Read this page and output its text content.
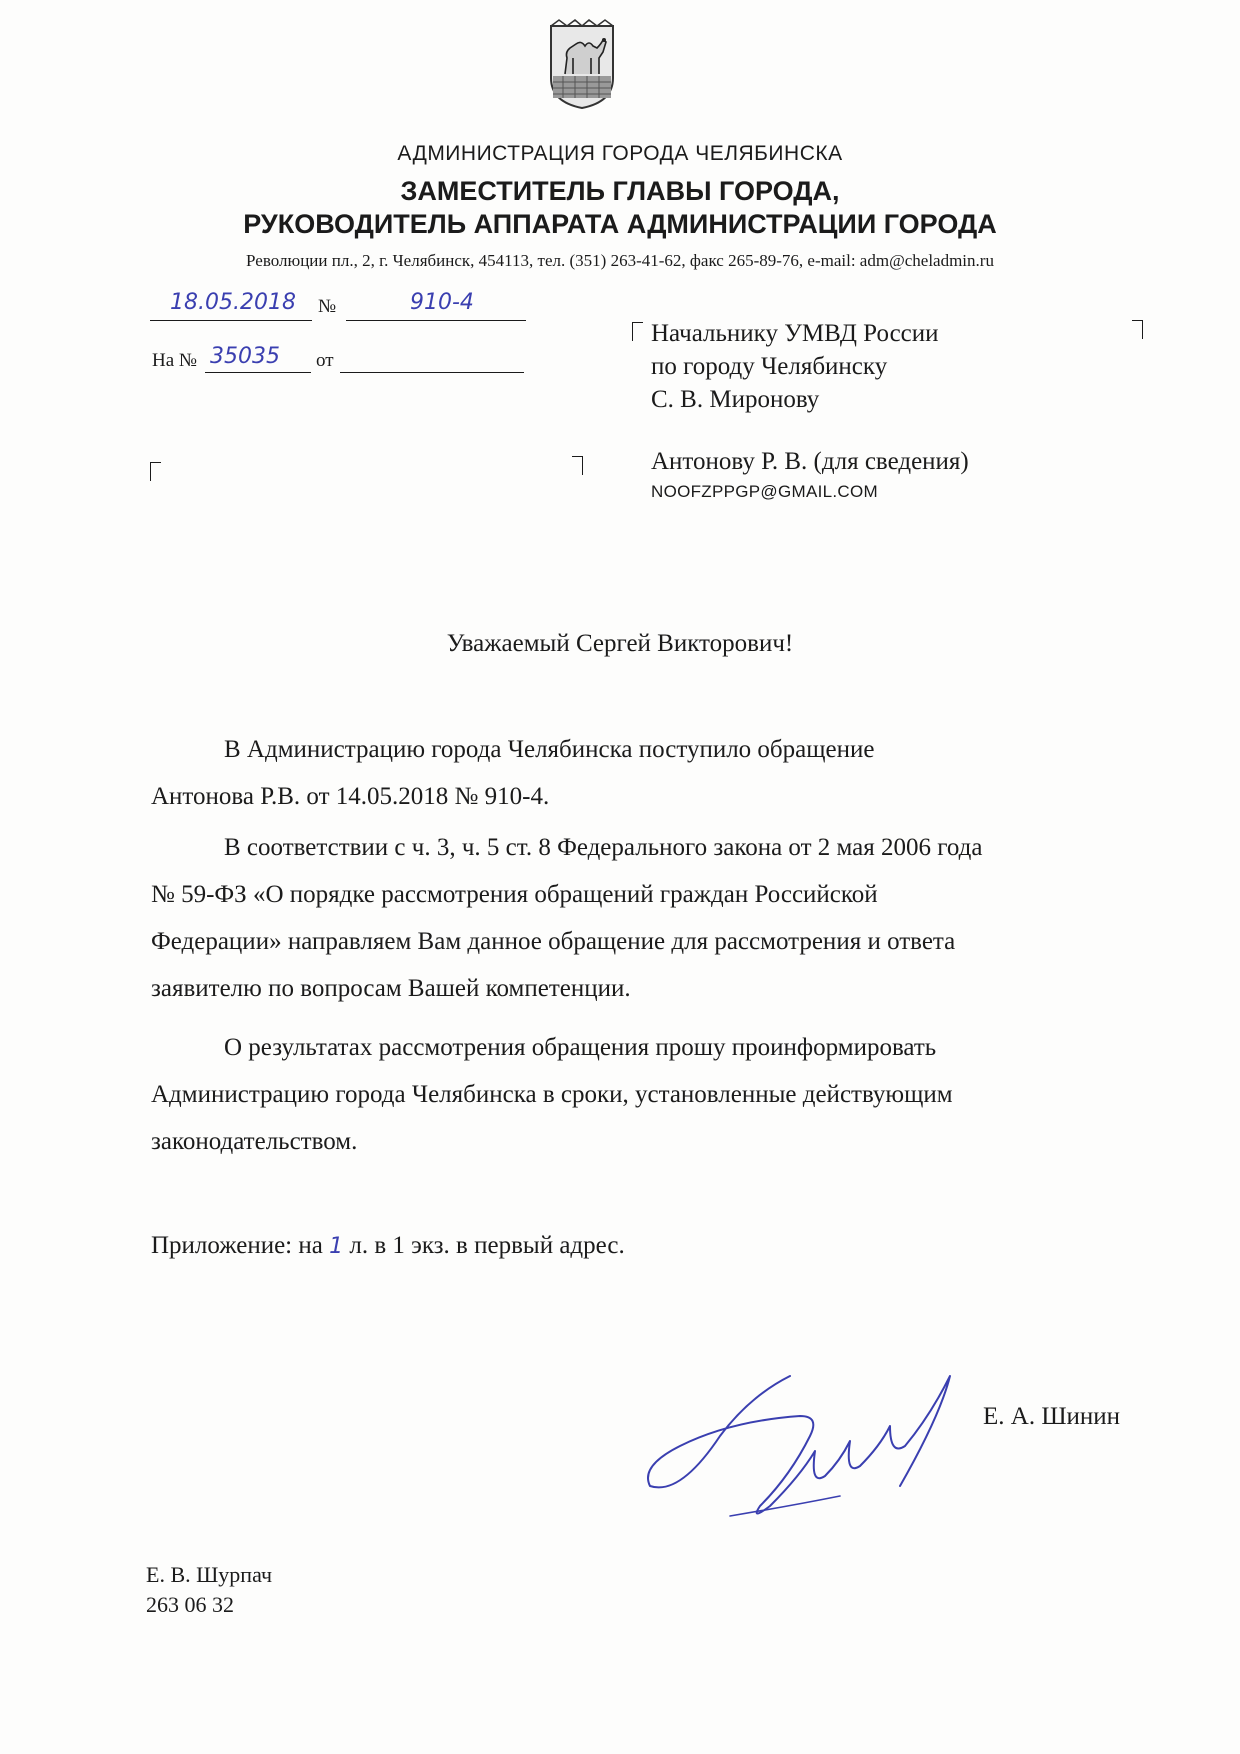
АДМИНИСТРАЦИЯ ГОРОДА ЧЕЛЯБИНСКА
ЗАМЕСТИТЕЛЬ ГЛАВЫ ГОРОДА,
РУКОВОДИТЕЛЬ АППАРАТА АДМИНИСТРАЦИИ ГОРОДА
Революции пл., 2, г. Челябинск, 454113, тел. (351) 263-41-62, факс 265-89-76, e-mail: adm@cheladmin.ru
18.05.2018 №	910-4
На № 35035 от
Начальнику УМВД России
по городу Челябинску
С. В. Миронову
Антонову Р. В. (для сведения)
NOOFZPPGP@GMAIL.COM
Уважаемый Сергей Викторович!
В Администрацию города Челябинска поступило обращение
Антонова Р.В. от 14.05.2018 № 910-4.
В соответствии с ч. 3, ч. 5 ст. 8 Федерального закона от 2 мая 2006 года
№ 59-ФЗ «О порядке рассмотрения обращений граждан Российской
Федерации» направляем Вам данное обращение для рассмотрения и ответа
заявителю по вопросам Вашей компетенции.
О результатах рассмотрения обращения прошу проинформировать
Администрацию города Челябинска в сроки, установленные действующим
законодательством.
Приложение: на 1 л. в 1 экз. в первый адрес.
Е. А. Шинин
Е. В. Шурпач
263 06 32
